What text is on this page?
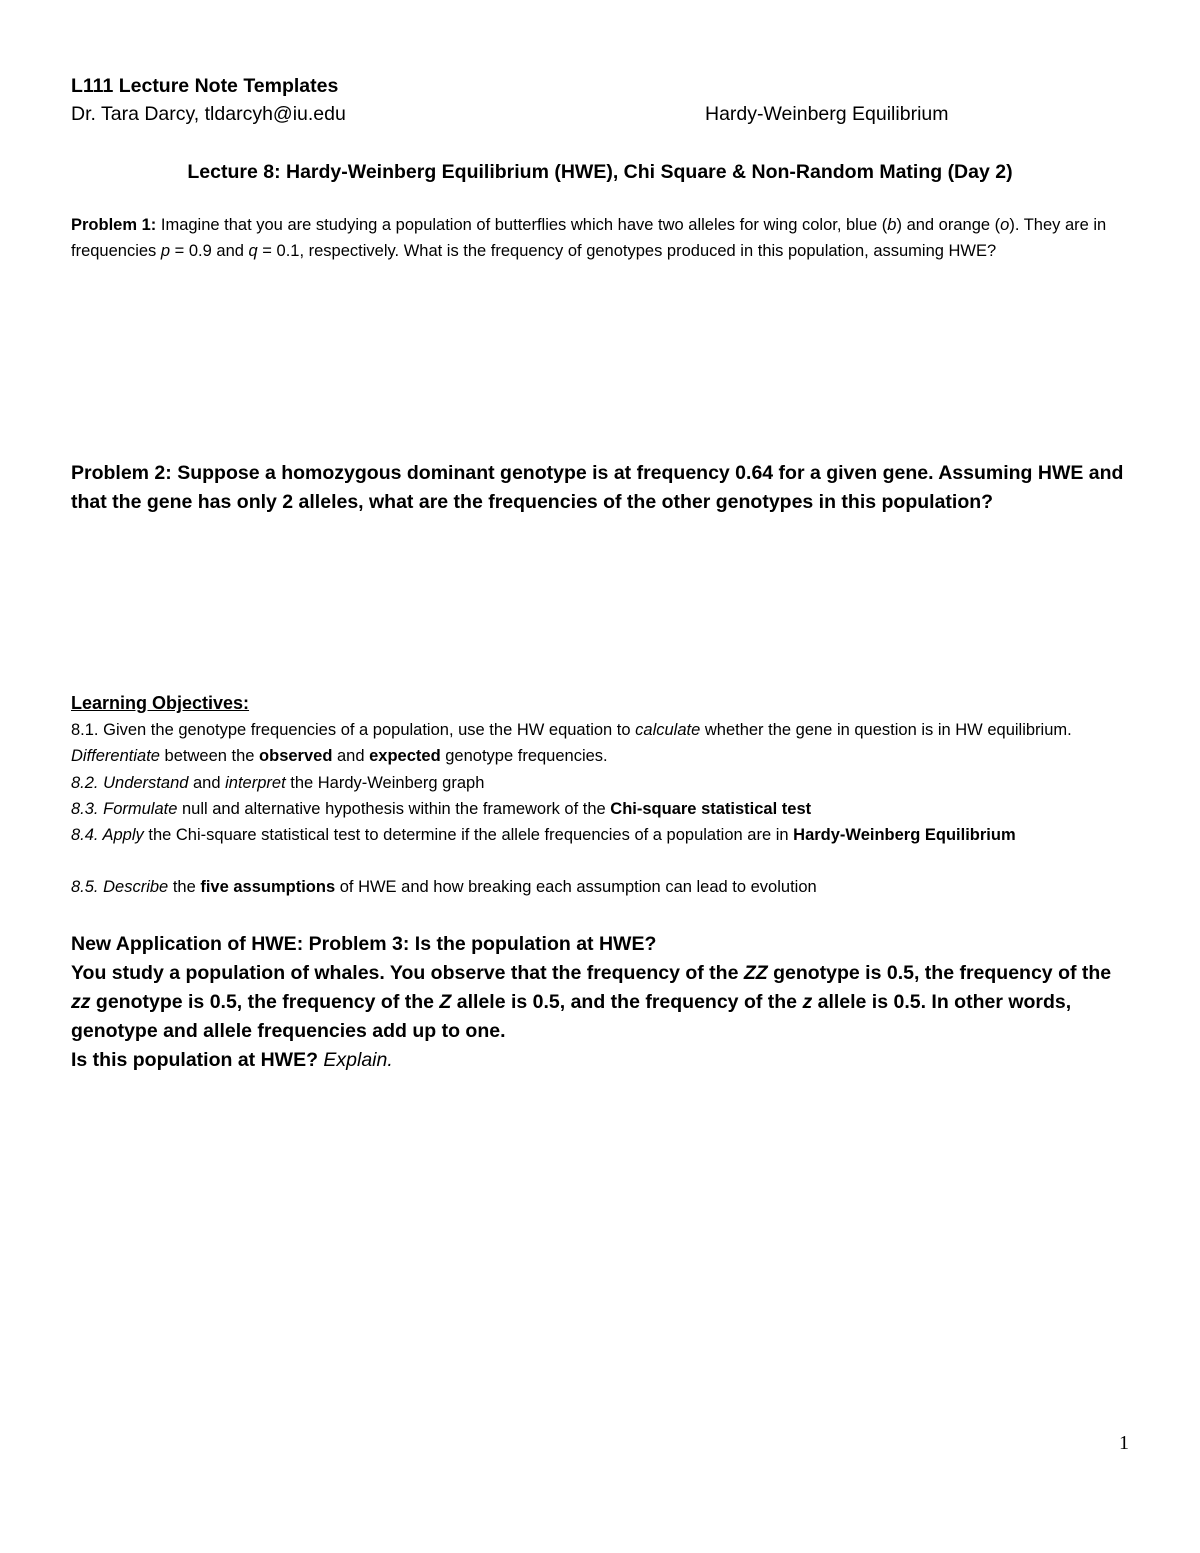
L111 Lecture Note Templates
Dr. Tara Darcy, tldarcyh@iu.edu	Hardy-Weinberg Equilibrium
Lecture 8: Hardy-Weinberg Equilibrium (HWE), Chi Square & Non-Random Mating (Day 2)
Problem 1: Imagine that you are studying a population of butterflies which have two alleles for wing color, blue (b) and orange (o). They are in frequencies p = 0.9 and q = 0.1, respectively. What is the frequency of genotypes produced in this population, assuming HWE?
Problem 2: Suppose a homozygous dominant genotype is at frequency 0.64 for a given gene. Assuming HWE and that the gene has only 2 alleles, what are the frequencies of the other genotypes in this population?
Learning Objectives:
8.1. Given the genotype frequencies of a population, use the HW equation to calculate whether the gene in question is in HW equilibrium. Differentiate between the observed and expected genotype frequencies.
8.2. Understand and interpret the Hardy-Weinberg graph
8.3. Formulate null and alternative hypothesis within the framework of the Chi-square statistical test
8.4. Apply the Chi-square statistical test to determine if the allele frequencies of a population are in Hardy-Weinberg Equilibrium
8.5. Describe the five assumptions of HWE and how breaking each assumption can lead to evolution
New Application of HWE: Problem 3: Is the population at HWE?
You study a population of whales. You observe that the frequency of the ZZ genotype is 0.5, the frequency of the zz genotype is 0.5, the frequency of the Z allele is 0.5, and the frequency of the z allele is 0.5. In other words, genotype and allele frequencies add up to one.
Is this population at HWE? Explain.
1
